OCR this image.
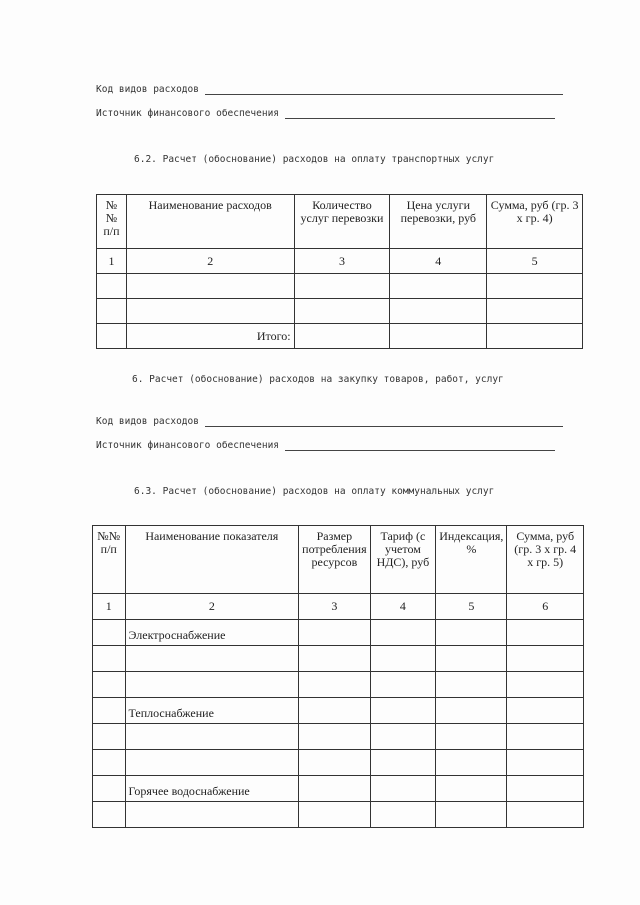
Код видов расходов
Источник финансового обеспечения
6.2. Расчет (обоснование) расходов на оплату транспортных услуг
№ № п/п	Наименование расходов	Количество услуг перевозки	Цена услуги перевозки, руб	Сумма, руб (гр. 3 х гр. 4)
1	2	3	4	5

	Итого:			
6. Расчет (обоснование) расходов на закупку товаров, работ, услуг
Код видов расходов
Источник финансового обеспечения
6.3. Расчет (обоснование) расходов на оплату коммунальных услуг
№№ п/п	Наименование показателя	Размер потребления ресурсов	Тариф (с учетом НДС), руб	Индексация, %	Сумма, руб (гр. 3 х гр. 4 х гр. 5)
1	2	3	4	5	6
	Электроснабжение				

	Теплоснабжение				

	Горячее водоснабжение				
